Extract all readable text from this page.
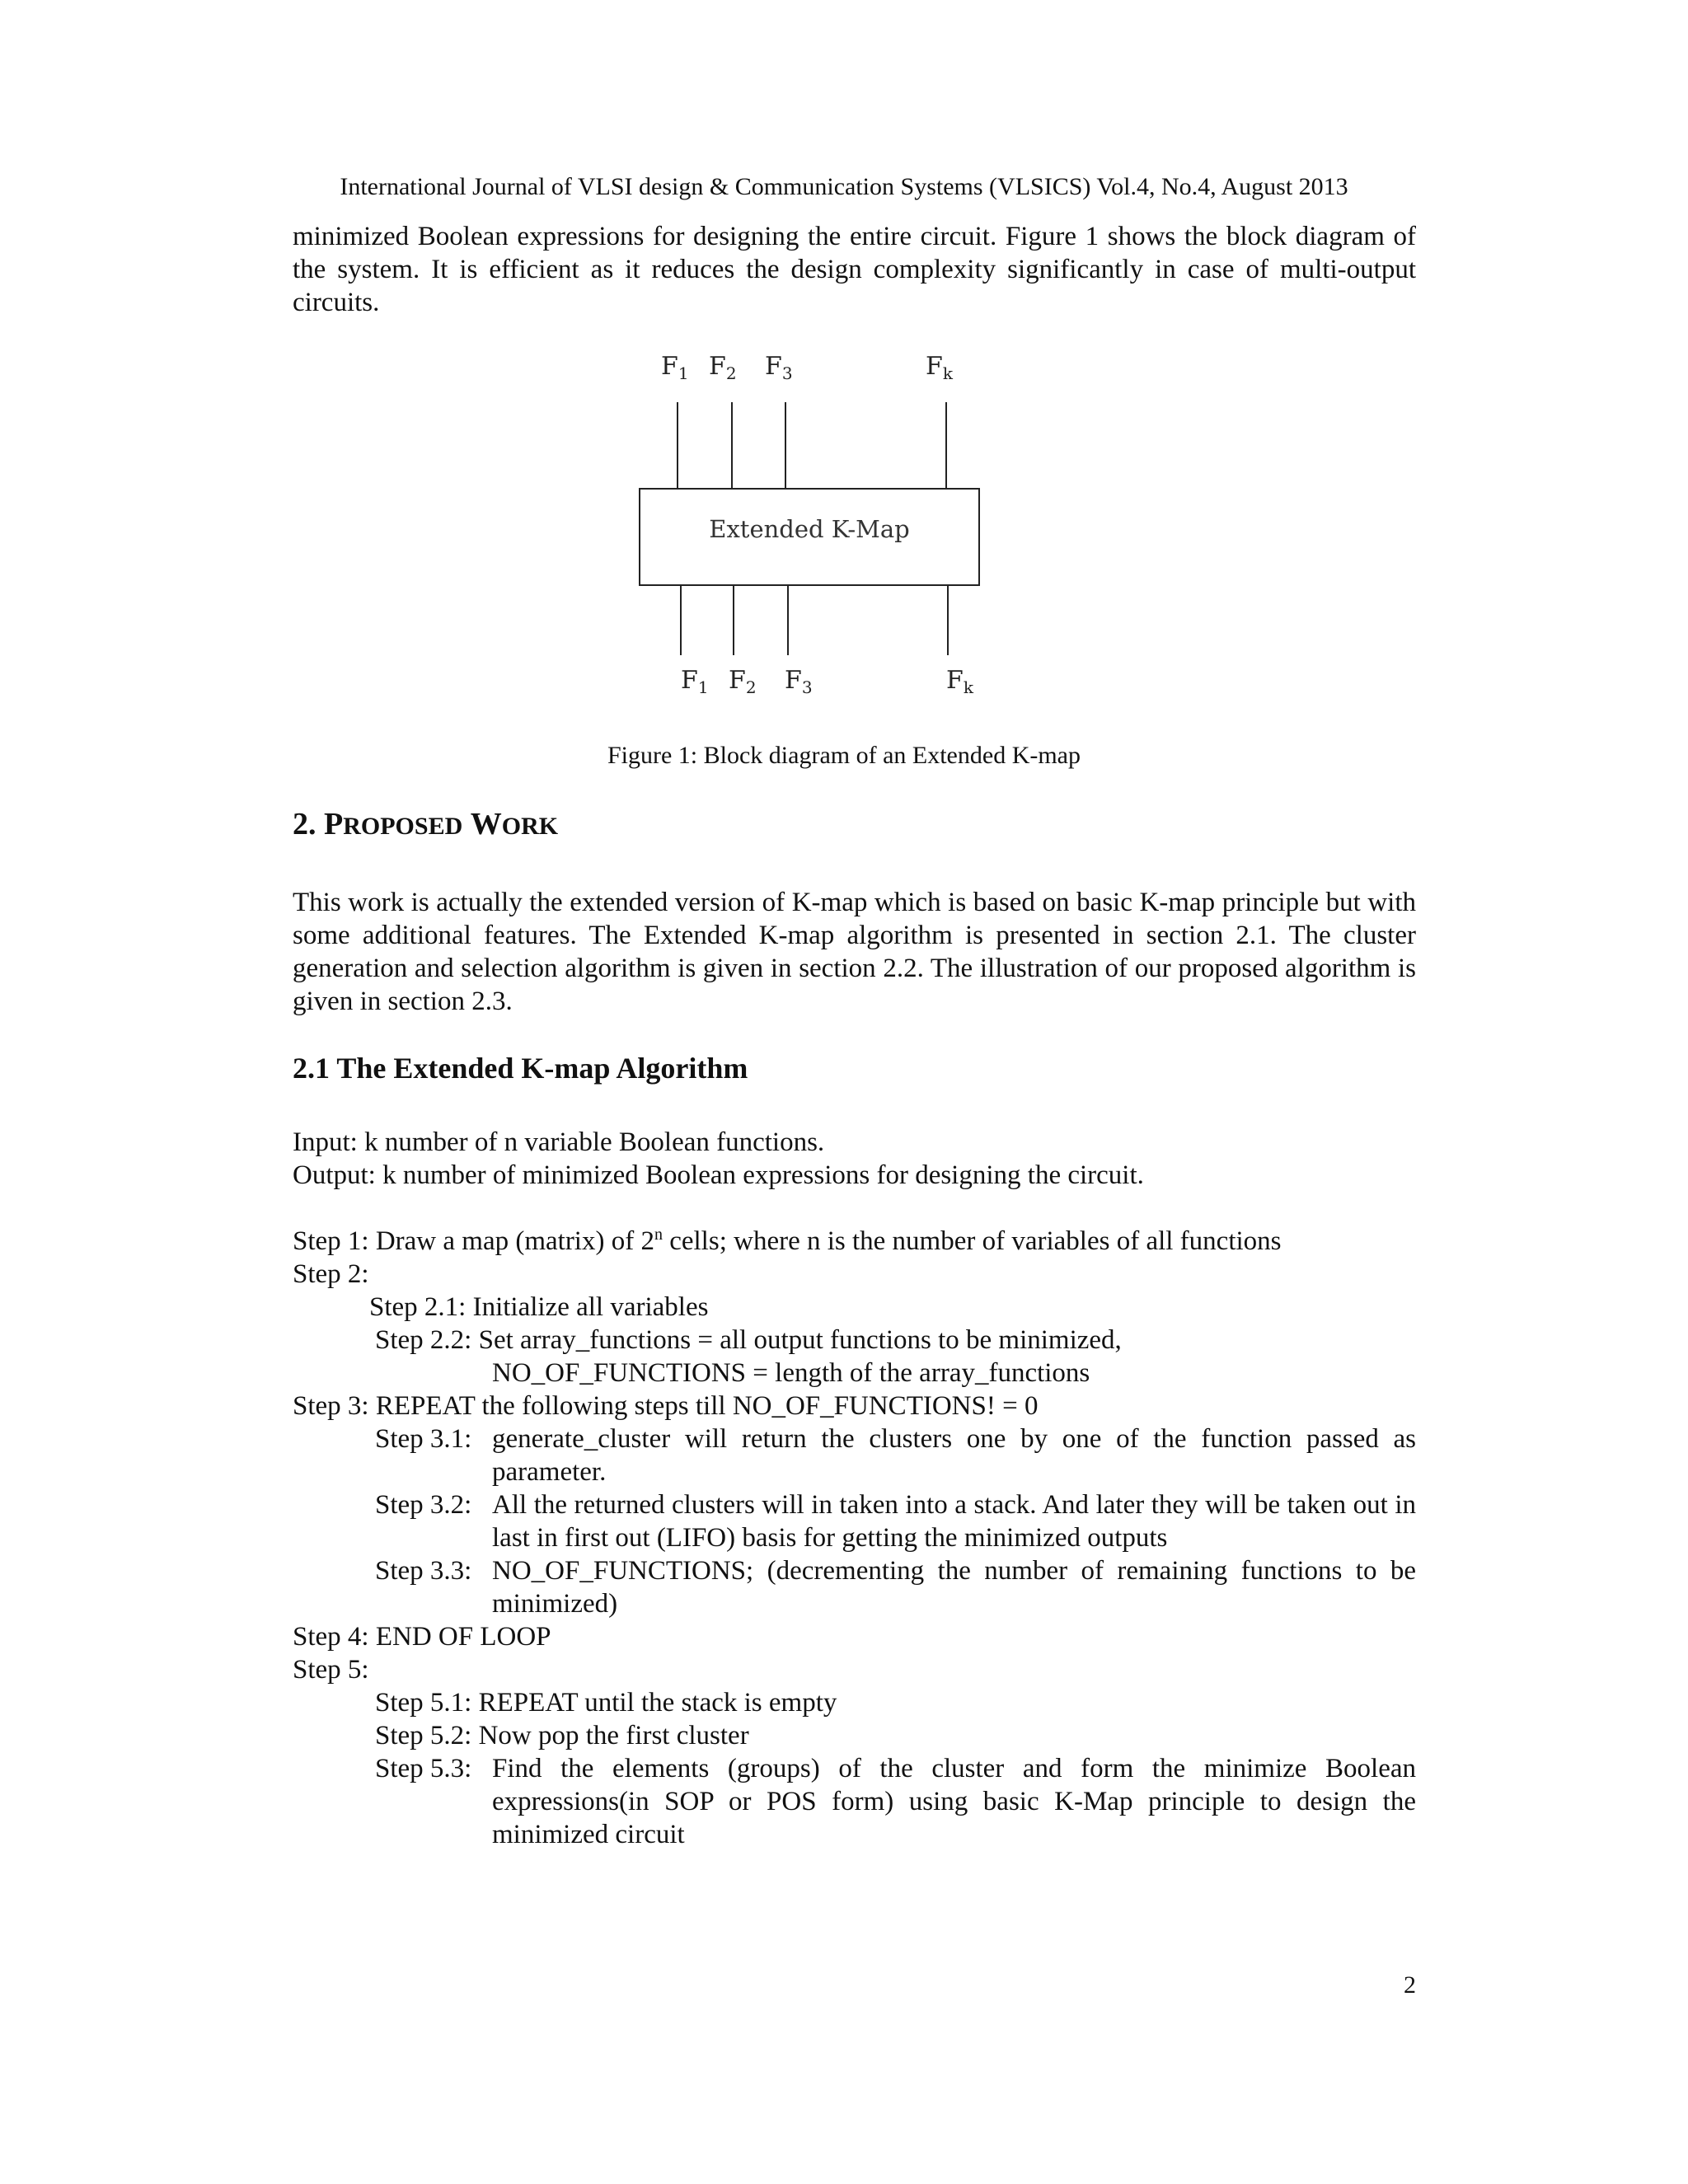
International Journal of VLSI design & Communication Systems (VLSICS) Vol.4, No.4, August 2013
minimized Boolean expressions for designing the entire circuit. Figure 1 shows the block diagram of the system. It is efficient as it reduces the design complexity significantly in case of multi-output circuits.
$F_1$ $F_2$ $F_3$	$F_k$
Extended K-Map
$F_1$ $F_2$ $F_3$	$F_k$
Figure 1: Block diagram of an Extended K-map
2. PROPOSED WORK
This work is actually the extended version of K-map which is based on basic K-map principle but with some additional features. The Extended K-map algorithm is presented in section 2.1. The cluster generation and selection algorithm is given in section 2.2. The illustration of our proposed algorithm is given in section 2.3.
2.1 The Extended K-map Algorithm
Input: k number of n variable Boolean functions.
Output: k number of minimized Boolean expressions for designing the circuit.
Step 1: Draw a map (matrix) of 2$^n$ cells; where n is the number of variables of all functions
Step 2:
Step 2.1: Initialize all variables
Step 2.2: Set array_functions = all output functions to be minimized,
NO_OF_FUNCTIONS = length of the array_functions
Step 3: REPEAT the following steps till NO_OF_FUNCTIONS! = 0
Step 3.1: generate_cluster will return the clusters one by one of the function passed as parameter.
Step 3.2: All the returned clusters will in taken into a stack. And later they will be taken out in last in first out (LIFO) basis for getting the minimized outputs
Step 3.3: NO_OF_FUNCTIONS; (decrementing the number of remaining functions to be minimized)
Step 4: END OF LOOP
Step 5:
Step 5.1: REPEAT until the stack is empty
Step 5.2: Now pop the first cluster
Step 5.3: Find the elements (groups) of the cluster and form the minimize Boolean expressions(in SOP or POS form) using basic K-Map principle to design the minimized circuit
2
